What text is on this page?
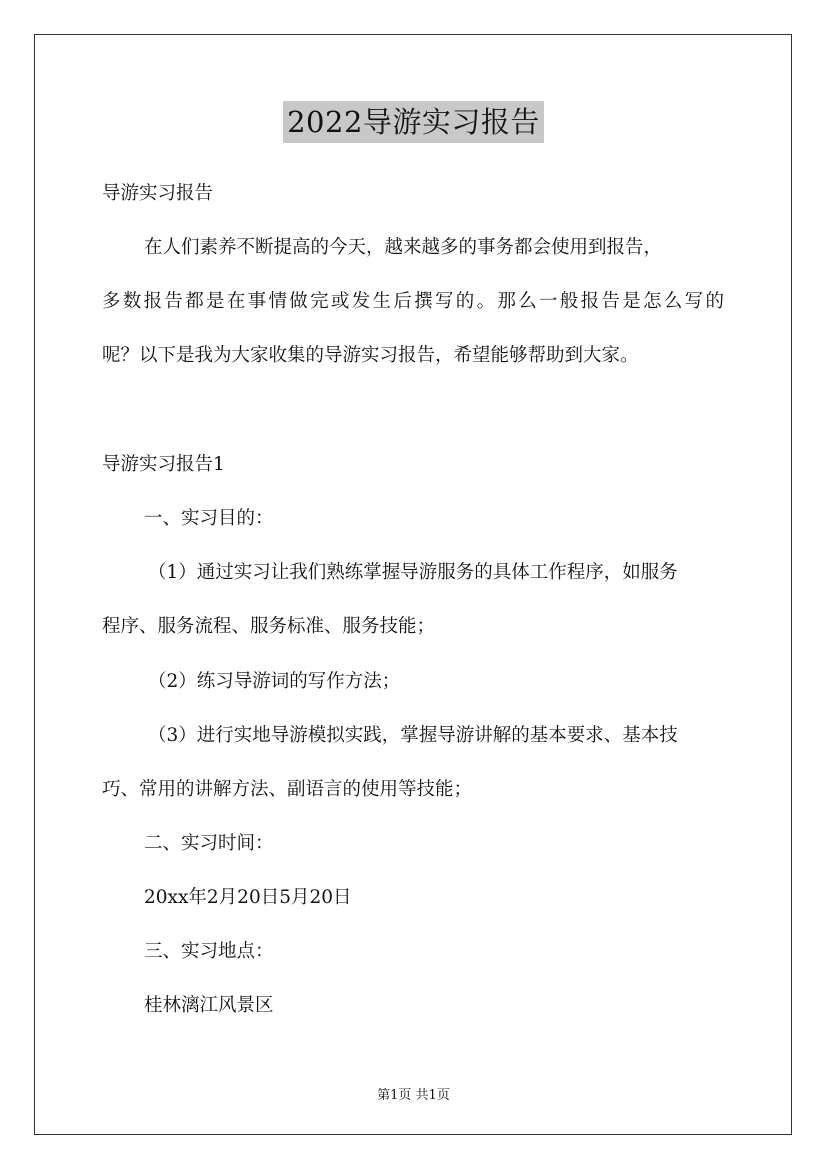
2022导游实习报告

导游实习报告

在人们素养不断提高的今天，越来越多的事务都会使用到报告，

多数报告都是在事情做完或发生后撰写的。那么一般报告是怎么写的

呢？以下是我为大家收集的导游实习报告，希望能够帮助到大家。

导游实习报告1

一、实习目的：

（1）通过实习让我们熟练掌握导游服务的具体工作程序，如服务

程序、服务流程、服务标准、服务技能；

（2）练习导游词的写作方法；

（3）进行实地导游模拟实践，掌握导游讲解的基本要求、基本技

巧、常用的讲解方法、副语言的使用等技能；

二、实习时间：

20xx年2月20日5月20日

三、实习地点：

桂林漓江风景区

第1页 共1页
